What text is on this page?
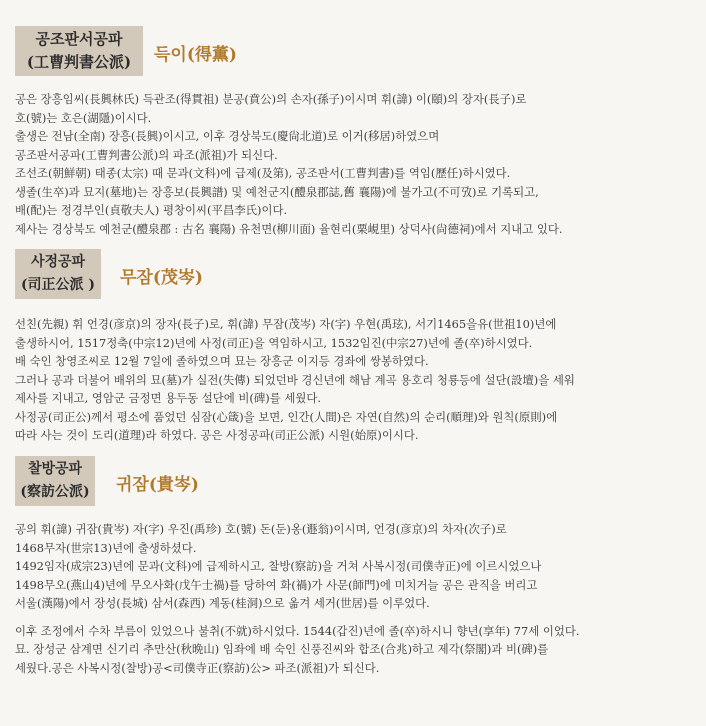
공조판서공파
(工曹判書公派)	득이(得薫)
공은 장흥임씨(長興林氏) 득관조(得貫祖) 분공(賁公)의 손자(孫子)이시며 휘(諱) 이(頤)의 장자(長子)로
호(號)는 호은(湖隱)이시다.
출생은 전남(全南) 장흥(長興)이시고, 이후 경상북도(慶尙北道)로 이거(移居)하였으며
공조판서공파(工曹判書公派)의 파조(派祖)가 되신다.
조선조(朝鮮朝) 태종(太宗) 때 문과(文科)에 급제(及第), 공조판서(工曹判書)를 역임(歷任)하시였다.
생졸(生卒)과 묘지(墓地)는 장흥보(長興譜) 및 예천군지(醴泉郡誌,舊 襄陽)에 불가고(不可攷)로 기록되고,
배(配)는 정경부인(貞敬夫人) 평창이씨(平昌李氏)이다.
제사는 경상북도 예천군(醴泉郡 : 古名 襄陽) 유천면(柳川面) 율현리(栗峴里) 상덕사(尙德祠)에서 지내고 있다.
사정공파
(司正公派 ) 무잠(茂岑)
선친(先親) 휘 언경(彦京)의 장자(長子)로, 휘(諱) 무잠(茂岑) 자(字) 우현(禹玹), 서기1465을유(世祖10)년에
출생하시어, 1517정축(中宗12)년에 사정(司正)을 역임하시고, 1532임진(中宗27)년에 졸(卒)하시였다.
배 숙인 창영조씨로 12월 7일에 졸하였으며 묘는 장흥군 이지등 경좌에 쌍봉하였다.
그러나 공과 더불어 배위의 묘(墓)가 실전(失傳) 되었던바 경신년에 해남 계곡 용호리 청룡등에 설단(設壇)을 세워
제사를 지내고, 영암군 금정면 용두동 설단에 비(碑)를 세웠다.
사정공(司正公)께서 평소에 품었던 심잠(心箴)을 보면, 인간(人間)은 자연(自然)의 순리(順理)와 원칙(原則)에
따라 사는 것이 도리(道理)라 하였다. 공은 사정공파(司正公派) 시원(始原)이시다.
찰방공파
(察訪公派) 귀잠(貴岑)
공의 휘(諱) 귀잠(貴岑) 자(字) 우진(禹珍) 호(號) 돈(둔)옹(遯翁)이시며, 언경(彦京)의 차자(次子)로
1468무자(世宗13)년에 출생하셨다.
1492임자(成宗23)년에 문과(文科)에 급제하시고, 찰방(察訪)을 거쳐 사복시정(司僕寺正)에 이르시었으나
1498무오(燕山4)년에 무오사화(戊午士禍)를 당하여 화(禍)가 사문(師門)에 미치거늘 공은 관직을 버리고
서울(漢陽)에서 장성(長城) 삼서(森西) 계동(桂洞)으로 옮겨 세거(世居)를 이루었다.
이후 조정에서 수차 부름이 있었으나 불취(不就)하시었다. 1544(갑진)년에 졸(卒)하시니 향년(享年) 77세 이었다.
묘. 장성군 삼계면 신기리 추만산(秋晩山) 임좌에 배 숙인 신풍진씨와 합조(合兆)하고 제각(祭閣)과 비(碑)를
세웠다.공은 사복시정(찰방)공<司僕寺正(察訪)公> 파조(派祖)가 되신다.
